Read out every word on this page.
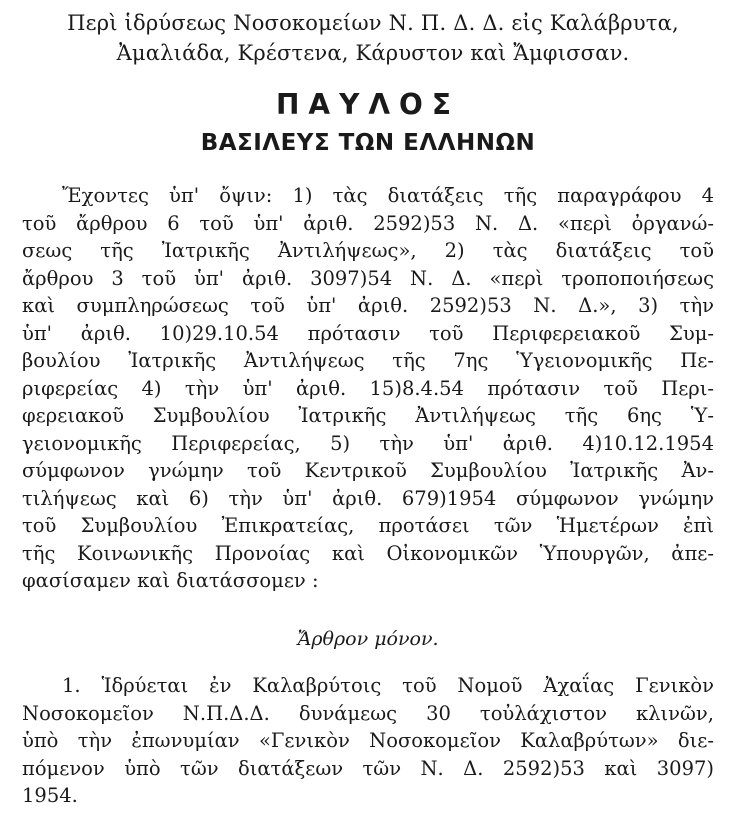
Περὶ ἱδρύσεως Νοσοκομείων Ν. Π. Δ. Δ. εἰς Καλάβρυτα,
Ἀμαλιάδα, Κρέστενα, Κάρυστον καὶ Ἄμφισσαν.
ΠΑΥΛΟΣ
ΒΑΣΙΛΕΥΣ ΤΩΝ ΕΛΛΗΝΩΝ
Ἔχοντες ὑπ' ὄψιν: 1) τὰς διατάξεις τῆς παραγράφου 4
τοῦ ἄρθρου 6 τοῦ ὑπ' ἀριθ. 2592)53 Ν. Δ. «περὶ ὀργανώ-
σεως τῆς Ἰατρικῆς Ἀντιλήψεως», 2) τὰς διατάξεις τοῦ
ἄρθρου 3 τοῦ ὑπ' ἀριθ. 3097)54 Ν. Δ. «περὶ τροποποιήσεως
καὶ συμπληρώσεως τοῦ ὑπ' ἀριθ. 2592)53 Ν. Δ.», 3) τὴν
ὑπ' ἀριθ. 10)29.10.54 πρότασιν τοῦ Περιφερειακοῦ Συμ-
βουλίου Ἰατρικῆς Ἀντιλήψεως τῆς 7ης Ὑγειονομικῆς Πε-
ριφερείας 4) τὴν ὑπ' ἀριθ. 15)8.4.54 πρότασιν τοῦ Περι-
φερειακοῦ Συμβουλίου Ἰατρικῆς Ἀντιλήψεως τῆς 6ης Ὑ-
γειονομικῆς Περιφερείας, 5) τὴν ὑπ' ἀριθ. 4)10.12.1954
σύμφωνον γνώμην τοῦ Κεντρικοῦ Συμβουλίου Ἰατρικῆς Ἀν-
τιλήψεως καὶ 6) τὴν ὑπ' ἀριθ. 679)1954 σύμφωνον γνώμην
τοῦ Συμβουλίου Ἐπικρατείας, προτάσει τῶν Ἡμετέρων ἐπὶ
τῆς Κοινωνικῆς Προνοίας καὶ Οἰκονομικῶν Ὑπουργῶν, ἀπε-
φασίσαμεν καὶ διατάσσομεν :
Ἄρθρον μόνον.
1. Ἱδρύεται ἐν Καλαβρύτοις τοῦ Νομοῦ Ἀχαΐας Γενικὸν
Νοσοκομεῖον Ν.Π.Δ.Δ. δυνάμεως 30 τοὐλάχιστον κλινῶν,
ὑπὸ τὴν ἐπωνυμίαν «Γενικὸν Νοσοκομεῖον Καλαβρύτων» διε-
πόμενον ὑπὸ τῶν διατάξεων τῶν Ν. Δ. 2592)53 καὶ 3097)
1954.
